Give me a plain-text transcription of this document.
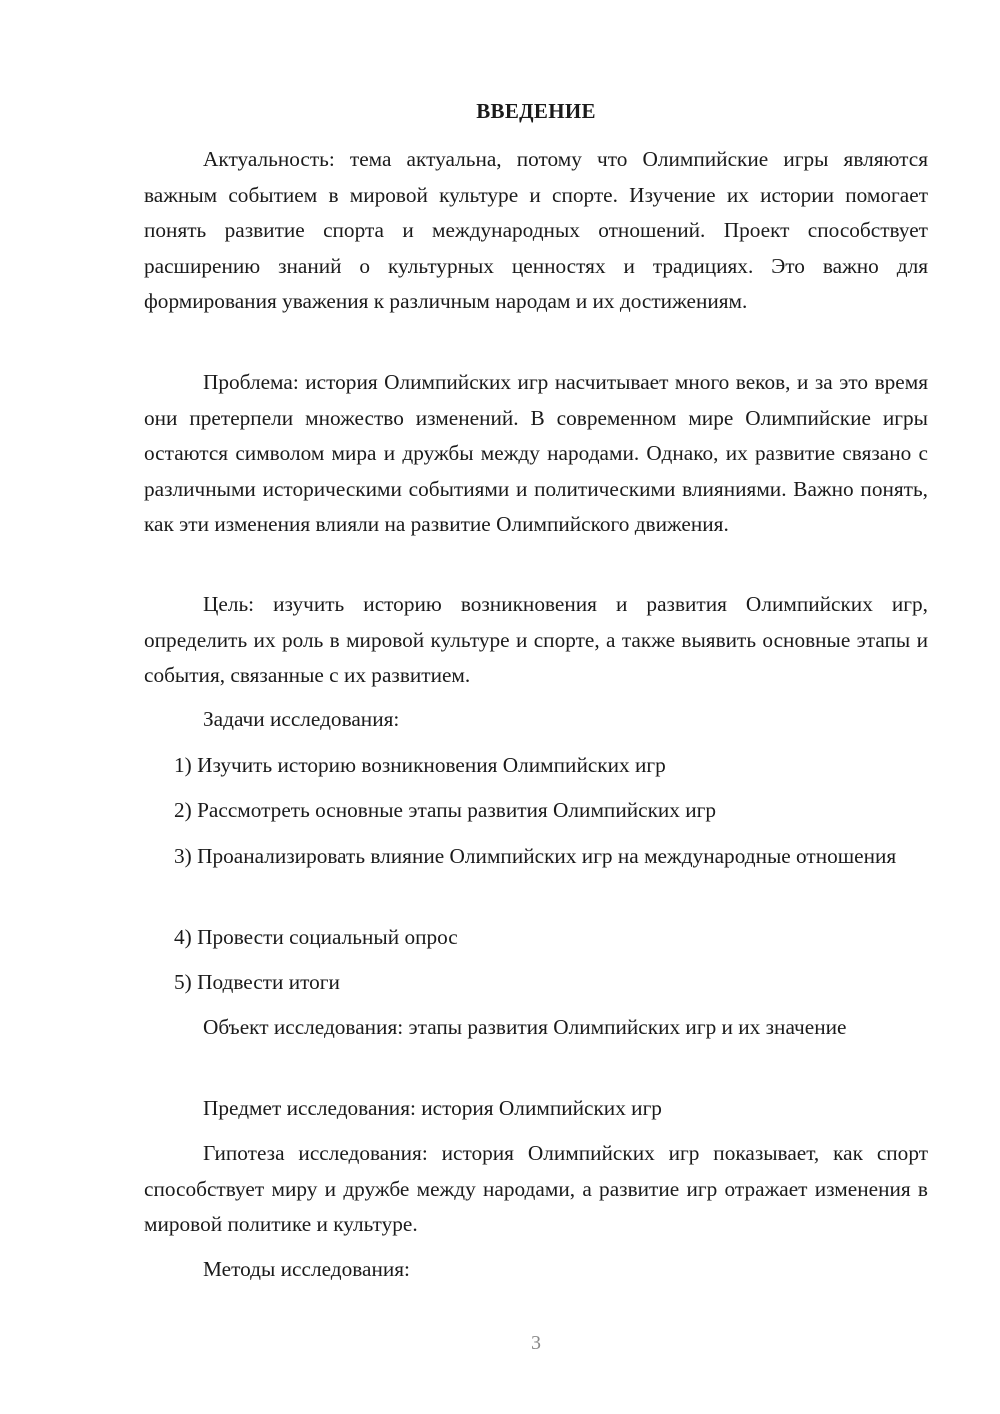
ВВЕДЕНИЕ

Актуальность: тема актуальна, потому что Олимпийские игры являются важным событием в мировой культуре и спорте. Изучение их истории помогает понять развитие спорта и международных отношений. Проект способствует расширению знаний о культурных ценностях и традициях. Это важно для формирования уважения к различным народам и их достижениям.

Проблема: история Олимпийских игр насчитывает много веков, и за это время они претерпели множество изменений. В современном мире Олимпийские игры остаются символом мира и дружбы между народами. Однако, их развитие связано с различными историческими событиями и политическими влияниями. Важно понять, как эти изменения влияли на развитие Олимпийского движения.

Цель: изучить историю возникновения и развития Олимпийских игр, определить их роль в мировой культуре и спорте, а также выявить основные этапы и события, связанные с их развитием.

Задачи исследования:

1) Изучить историю возникновения Олимпийских игр

2) Рассмотреть основные этапы развития Олимпийских игр

3) Проанализировать влияние Олимпийских игр на международные отношения

4) Провести социальный опрос

5) Подвести итоги

Объект исследования: этапы развития Олимпийских игр и их значение

Предмет исследования: история Олимпийских игр

Гипотеза исследования: история Олимпийских игр показывает, как спорт способствует миру и дружбе между народами, а развитие игр отражает изменения в мировой политике и культуре.

Методы исследования:

3
